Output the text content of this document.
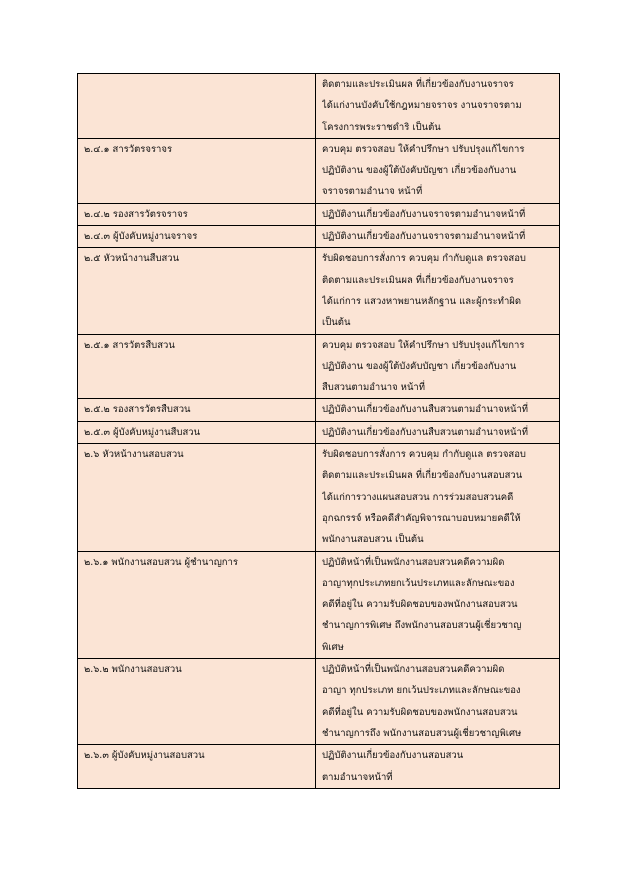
	ติดตามและประเมินผล ที่เกี่ยวข้องกับงานจราจร
ได้แก่งานบังคับใช้กฎหมายจราจร งานจราจรตาม
โครงการพระราชดำริ เป็นต้น

๒.๔.๑ สารวัตรจราจร	ควบคุม ตรวจสอบ ให้คำปรึกษา ปรับปรุงแก้ไขการ
ปฏิบัติงาน ของผู้ใต้บังคับบัญชา เกี่ยวข้องกับงาน
จราจรตามอำนาจ หน้าที่

๒.๔.๒ รองสารวัตรจราจร	ปฏิบัติงานเกี่ยวข้องกับงานจราจรตามอำนาจหน้าที่

๒.๔.๓ ผู้บังคับหมู่งานจราจร	ปฏิบัติงานเกี่ยวข้องกับงานจราจรตามอำนาจหน้าที่

๒.๕ หัวหน้างานสืบสวน	รับผิดชอบการสั่งการ ควบคุม กำกับดูแล ตรวจสอบ
ติดตามและประเมินผล ที่เกี่ยวข้องกับงานจราจร
ได้แก่การ แสวงหาพยานหลักฐาน และผู้กระทำผิด
เป็นต้น

๒.๕.๑ สารวัตรสืบสวน	ควบคุม ตรวจสอบ ให้คำปรึกษา ปรับปรุงแก้ไขการ
ปฏิบัติงาน ของผู้ใต้บังคับบัญชา เกี่ยวข้องกับงาน
สืบสวนตามอำนาจ หน้าที่

๒.๕.๒ รองสารวัตรสืบสวน	ปฏิบัติงานเกี่ยวข้องกับงานสืบสวนตามอำนาจหน้าที่

๒.๕.๓ ผู้บังคับหมู่งานสืบสวน	ปฏิบัติงานเกี่ยวข้องกับงานสืบสวนตามอำนาจหน้าที่

๒.๖ หัวหน้างานสอบสวน	รับผิดชอบการสั่งการ ควบคุม กำกับดูแล ตรวจสอบ
ติดตามและประเมินผล ที่เกี่ยวข้องกับงานสอบสวน
ได้แก่การวางแผนสอบสวน การร่วมสอบสวนคดี
อุกฉกรรจ์ หรือคดีสำคัญพิจารณาบอบหมายคดีให้
พนักงานสอบสวน เป็นต้น

๒.๖.๑ พนักงานสอบสวน ผู้ชำนาญการ	ปฏิบัติหน้าที่เป็นพนักงานสอบสวนคดีความผิด
อาญาทุกประเภทยกเว้นประเภทและลักษณะของ
คดีที่อยู่ใน ความรับผิดชอบของพนักงานสอบสวน
ชำนาญการพิเศษ ถึงพนักงานสอบสวนผู้เชี่ยวชาญ
พิเศษ

๒.๖.๒ พนักงานสอบสวน	ปฏิบัติหน้าที่เป็นพนักงานสอบสวนคดีความผิด
อาญา ทุกประเภท ยกเว้นประเภทและลักษณะของ
คดีที่อยู่ใน ความรับผิดชอบของพนักงานสอบสวน
ชำนาญการถึง พนักงานสอบสวนผู้เชี่ยวชาญพิเศษ

๒.๖.๓ ผู้บังคับหมู่งานสอบสวน	ปฏิบัติงานเกี่ยวข้องกับงานสอบสวน
ตามอำนาจหน้าที่
